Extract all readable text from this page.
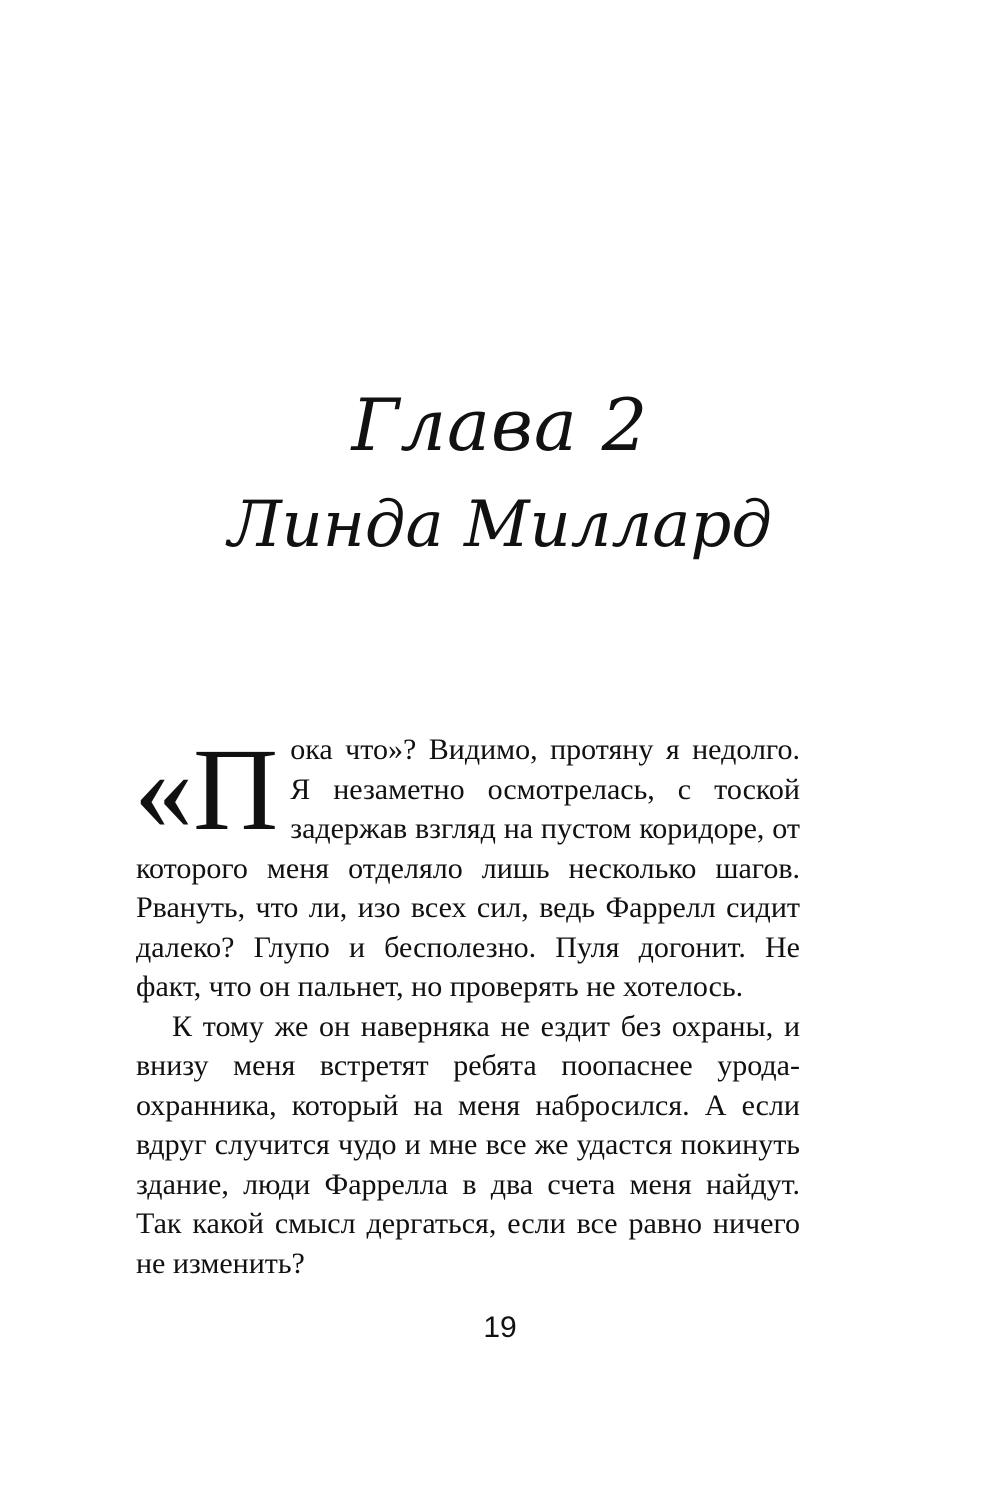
Глава 2
Линда Миллард

«Пока что»? Видимо, протяну я недолго. Я незаметно осмотрелась, с тоской задержав взгляд на пустом коридоре, от которого меня отделяло лишь несколько шагов. Рвануть, что ли, изо всех сил, ведь Фаррелл сидит далеко? Глупо и бесполезно. Пуля догонит. Не факт, что он пальнет, но проверять не хотелось.

К тому же он наверняка не ездит без охраны, и внизу меня встретят ребята поопаснее урода-охранника, который на меня набросился. А если вдруг случится чудо и мне все же удастся покинуть здание, люди Фаррелла в два счета меня найдут. Так какой смысл дергаться, если все равно ничего не изменить?

19
